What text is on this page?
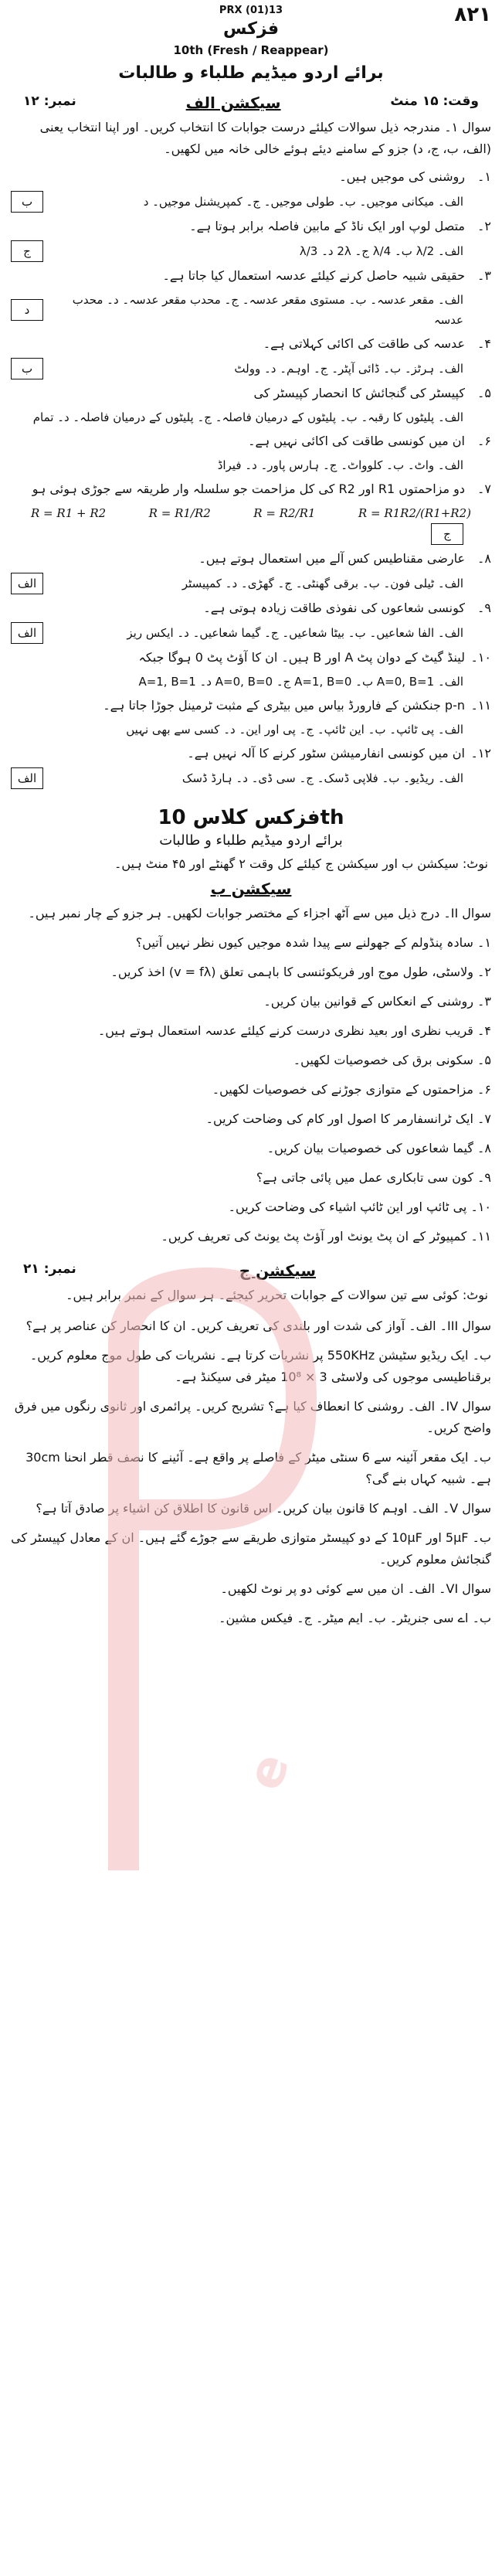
e
PRX (01)13
فزکس
10th (Fresh / Reappear)
برائے اردو میڈیم طلباء و طالبات
۸۲۱
وقت: ۱۵ منٹ
سیکشن الف
نمبر: ۱۲
سوال ۱۔ مندرجہ ذیل سوالات کیلئے درست جوابات کا انتخاب کریں۔ اور اپنا انتخاب یعنی (الف، ب، ج، د) جزو کے سامنے دیئے ہوئے خالی خانہ میں لکھیں۔
۱۔
روشنی کی موجیں ہیں۔
الف۔ میکانی موجیں۔ ب۔ طولی موجیں۔ ج۔ کمپریشنل موجیں۔ د
ب
۲۔
متصل لوپ اور ایک ناڈ کے مابین فاصلہ برابر ہوتا ہے۔
الف۔ λ/2 ب۔ λ/4 ج۔ 2λ د۔ λ/3
ج
۳۔
حقیقی شبیہ حاصل کرنے کیلئے عدسہ استعمال کیا جاتا ہے۔
الف۔ مقعر عدسہ۔ ب۔ مستوی مقعر عدسہ۔ ج۔ محدب مقعر عدسہ۔ د۔ محدب عدسہ
د
۴۔
عدسہ کی طاقت کی اکائی کہلاتی ہے۔
الف۔ ہرٹز۔ ب۔ ڈائی آپٹر۔ ج۔ اوہم۔ د۔ وولٹ
ب
۵۔
کپیسٹر کی گنجائش کا انحصار کپیسٹر کی
الف۔ پلیٹوں کا رقبہ۔ ب۔ پلیٹوں کے درمیان فاصلہ۔ ج۔ پلیٹوں کے درمیان فاصلہ۔ د۔ تمام
۶۔
ان میں کونسی طاقت کی اکائی نہیں ہے۔
الف۔ واٹ۔ ب۔ کلوواٹ۔ ج۔ ہارس پاور۔ د۔ فیراڈ
۷۔
دو مزاحمتوں R1 اور R2 کی کل مزاحمت جو سلسلہ وار طریقہ سے جوڑی ہوئی ہو
R = R1 + R2	R = R1/R2	R = R2/R1	R = R1R2/(R1+R2)
ج
۸۔
عارضی مقناطیس کس آلے میں استعمال ہوتے ہیں۔
الف۔ ٹیلی فون۔ ب۔ برقی گھنٹی۔ ج۔ گھڑی۔ د۔ کمپیسٹر
الف
۹۔
کونسی شعاعوں کی نفوذی طاقت زیادہ ہوتی ہے۔
الف۔ الفا شعاعیں۔ ب۔ بیٹا شعاعیں۔ ج۔ گیما شعاعیں۔ د۔ ایکس ریز
الف
۱۰۔
لینڈ گیٹ کے دوان پٹ A اور B ہیں۔ ان کا آؤٹ پٹ 0 ہوگا جبکہ
الف۔ A=0, B=1 ب۔ A=1, B=0 ج۔ A=0, B=0 د۔ A=1, B=1
۱۱۔
p-n جنکشن کے فارورڈ بیاس میں بیٹری کے مثبت ٹرمینل جوڑا جاتا ہے۔
الف۔ پی ٹائپ۔ ب۔ این ٹائپ۔ ج۔ پی اور این۔ د۔ کسی سے بھی نہیں
۱۲۔
ان میں کونسی انفارمیشن سٹور کرنے کا آلہ نہیں ہے۔
الف۔ ریڈیو۔ ب۔ فلاپی ڈسک۔ ج۔ سی ڈی۔ د۔ ہارڈ ڈسک
الف
فزکس کلاس 10th
برائے اردو میڈیم طلباء و طالبات
نوٹ: سیکشن ب اور سیکشن ج کیلئے کل وقت ۲ گھنٹے اور ۴۵ منٹ ہیں۔
سیکشن ب
سوال II۔ درج ذیل میں سے آٹھ اجزاء کے مختصر جوابات لکھیں۔ ہر جزو کے چار نمبر ہیں۔
۱۔ سادہ پنڈولم کے جھولنے سے پیدا شدہ موجیں کیوں نظر نہیں آتیں؟
۲۔ ولاسٹی، طول موج اور فریکوئنسی کا باہمی تعلق (v = fλ) اخذ کریں۔
۳۔ روشنی کے انعکاس کے قوانین بیان کریں۔
۴۔ قریب نظری اور بعید نظری درست کرنے کیلئے عدسہ استعمال ہوتے ہیں۔
۵۔ سکونی برق کی خصوصیات لکھیں۔
۶۔ مزاحمتوں کے متوازی جوڑنے کی خصوصیات لکھیں۔
۷۔ ایک ٹرانسفارمر کا اصول اور کام کی وضاحت کریں۔
۸۔ گیما شعاعوں کی خصوصیات بیان کریں۔
۹۔ کون سی تابکاری عمل میں پائی جاتی ہے؟
۱۰۔ پی ٹائپ اور این ٹائپ اشیاء کی وضاحت کریں۔
۱۱۔ کمپیوٹر کے ان پٹ یونٹ اور آؤٹ پٹ یونٹ کی تعریف کریں۔
سیکشن ج
نمبر: ۲۱
نوٹ: کوئی سے تین سوالات کے جوابات تحریر کیجئے۔ ہر سوال کے نمبر برابر ہیں۔
سوال III۔ الف۔ آواز کی شدت اور بلندی کی تعریف کریں۔ ان کا انحصار کن عناصر پر ہے؟
ب۔ ایک ریڈیو سٹیشن 550KHz پر نشریات کرتا ہے۔ نشریات کی طول موج معلوم کریں۔ برقناطیسی موجوں کی ولاسٹی 3 × 10⁸ میٹر فی سیکنڈ ہے۔
سوال IV۔ الف۔ روشنی کا انعطاف کیا ہے؟ تشریح کریں۔ پرائمری اور ثانوی رنگوں میں فرق واضح کریں۔
ب۔ ایک مقعر آئینہ سے 6 سنٹی میٹر کے فاصلے پر واقع ہے۔ آئینے کا نصف قطر انحنا 30cm ہے۔ شبیہ کہاں بنے گی؟
سوال V۔ الف۔ اوہم کا قانون بیان کریں۔ اس قانون کا اطلاق کن اشیاء پر صادق آتا ہے؟
ب۔ 5μF اور 10μF کے دو کپیسٹر متوازی طریقے سے جوڑے گئے ہیں۔ ان کے معادل کپیسٹر کی گنجائش معلوم کریں۔
سوال VI۔ الف۔ ان میں سے کوئی دو پر نوٹ لکھیں۔
ب۔ اے سی جنریٹر۔ ب۔ ایم میٹر۔ ج۔ فیکس مشین۔
